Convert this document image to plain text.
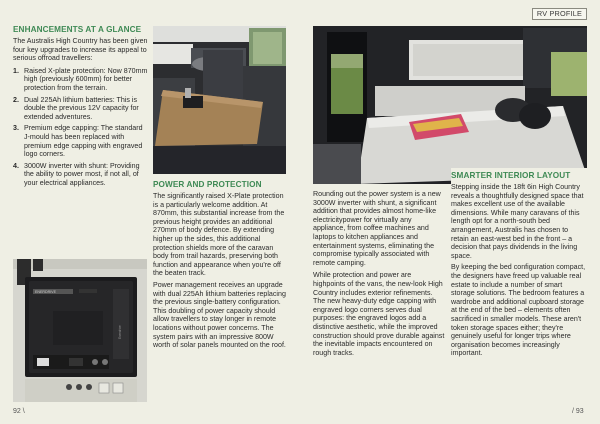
RV PROFILE
ENHANCEMENTS AT A GLANCE
The Australis High Country has been given four key upgrades to increase its appeal to serious offroad travellers:
1. Raised X-plate protection: Now 870mm high (previously 600mm) for better protection from the terrain.
2. Dual 225Ah lithium batteries: This is double the previous 12V capacity for extended adventures.
3. Premium edge capping: The standard J-mould has been replaced with premium edge capping with engraved logo corners.
4. 3000W inverter with shunt: Providing the ability to power most, if not all, of your electrical appliances.
ENERDRIVE
Enerdrive
POWER AND PROTECTION

The significantly raised X-Plate protection is a particularly welcome addition. At 870mm, this substantial increase from the previous height provides an additional 270mm of body defence. By extending higher up the sides, this additional protection shields more of the caravan body from trail hazards, preserving both function and appearance when you're off the beaten track.

Power management receives an upgrade with dual 225Ah lithium batteries replacing the previous single-battery configuration. This doubling of power capacity should allow travellers to stay longer in remote locations without power concerns. The system pairs with an impressive 800W worth of solar panels mounted on the roof.

Rounding out the power system is a new 3000W inverter with shunt, a significant addition that provides almost home-like electricitypower for virtually any appliance, from coffee machines and laptops to kitchen appliances and entertainment systems, eliminating the compromise typically associated with remote camping.

While protection and power are highpoints of the vans, the new-look High Country includes exterior refinements. The new heavy-duty edge capping with engraved logo corners serves dual purposes: the engraved logos add a distinctive aesthetic, while the improved construction should prove durable against the inevitable impacts encountered on rough tracks.

SMARTER INTERIOR LAYOUT

Stepping inside the 18ft 6in High Country reveals a thoughtfully designed space that makes excellent use of the available dimensions. While many caravans of this length opt for a north-south bed arrangement, Australis has chosen to retain an east-west bed in the front – a decision that pays dividends in the living space.

By keeping the bed configuration compact, the designers have freed up valuable real estate to include a number of smart storage solutions. The bedroom features a wardrobe and additional cupboard storage at the end of the bed – elements often sacrificed in smaller models. These aren't token storage spaces either; they're genuinely useful for longer trips where organisation becomes increasingly important.

92 \	/ 93
